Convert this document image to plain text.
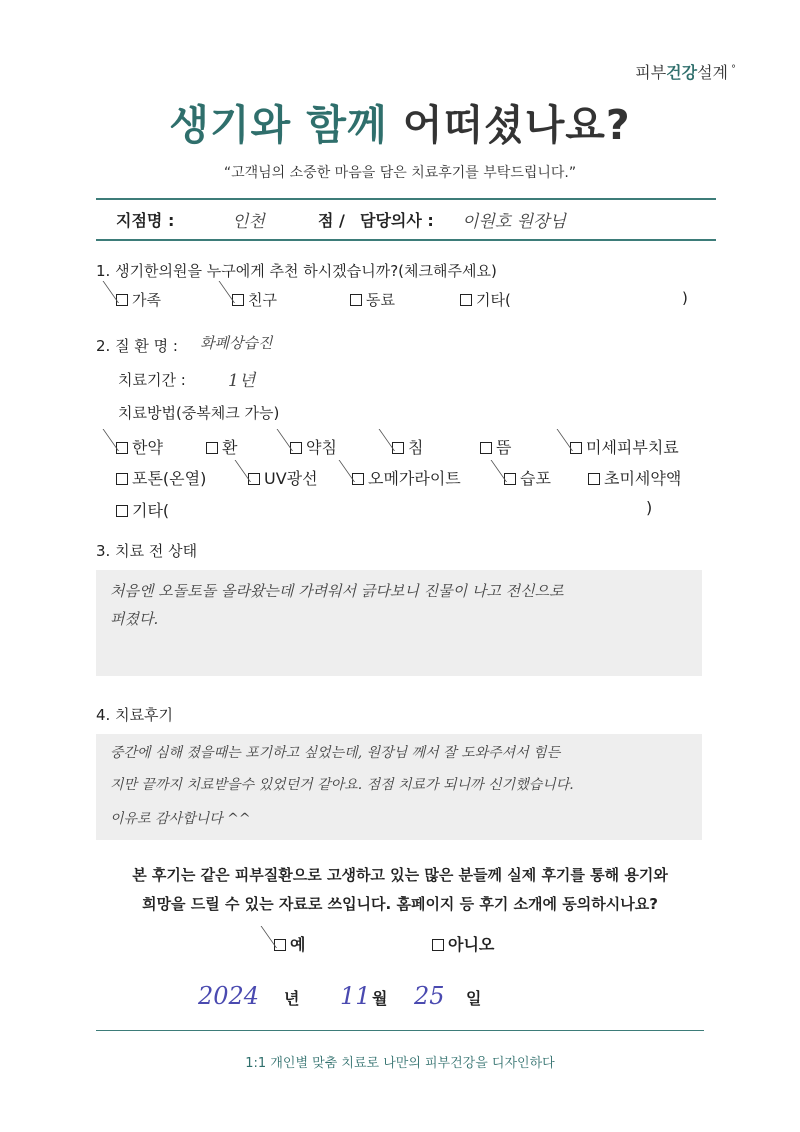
피부건강설계 °
생기와 함께 어떠셨나요?
“고객님의 소중한 마음을 담은 치료후기를 부탁드립니다.”
지점명 :	인천	점 / 담당의사 : 이원호 원장님
1. 생기한의원을 누구에게 추천 하시겠습니까?(체크해주세요)
가족	친구	동료	기타(	)
2. 질 환 명 : 화폐상습진
치료기간 : 1년
치료방법(중복체크 가능)
한약	환	약침	침	뜸	미세피부치료
포톤(온열)	UV광선	오메가라이트	습포	초미세약액
기타(	)
3. 치료 전 상태
처음엔 오돌토돌 올라왔는데 가려워서 긁다보니 진물이 나고 전신으로
퍼졌다.
4. 치료후기
중간에 심해 졌을때는 포기하고 싶었는데, 원장님 께서 잘 도와주셔서 힘든
지만 끝까지 치료받을수 있었던거 같아요. 점점 치료가 되니까 신기했습니다.
이유로 감사합니다 ^^
본 후기는 같은 피부질환으로 고생하고 있는 많은 분들께 실제 후기를 통해 용기와
희망을 드릴 수 있는 자료로 쓰입니다. 홈페이지 등 후기 소개에 동의하시나요?
예	아니오
2024 년 11 월 25 일
1:1 개인별 맞춤 치료로 나만의 피부건강을 디자인하다
